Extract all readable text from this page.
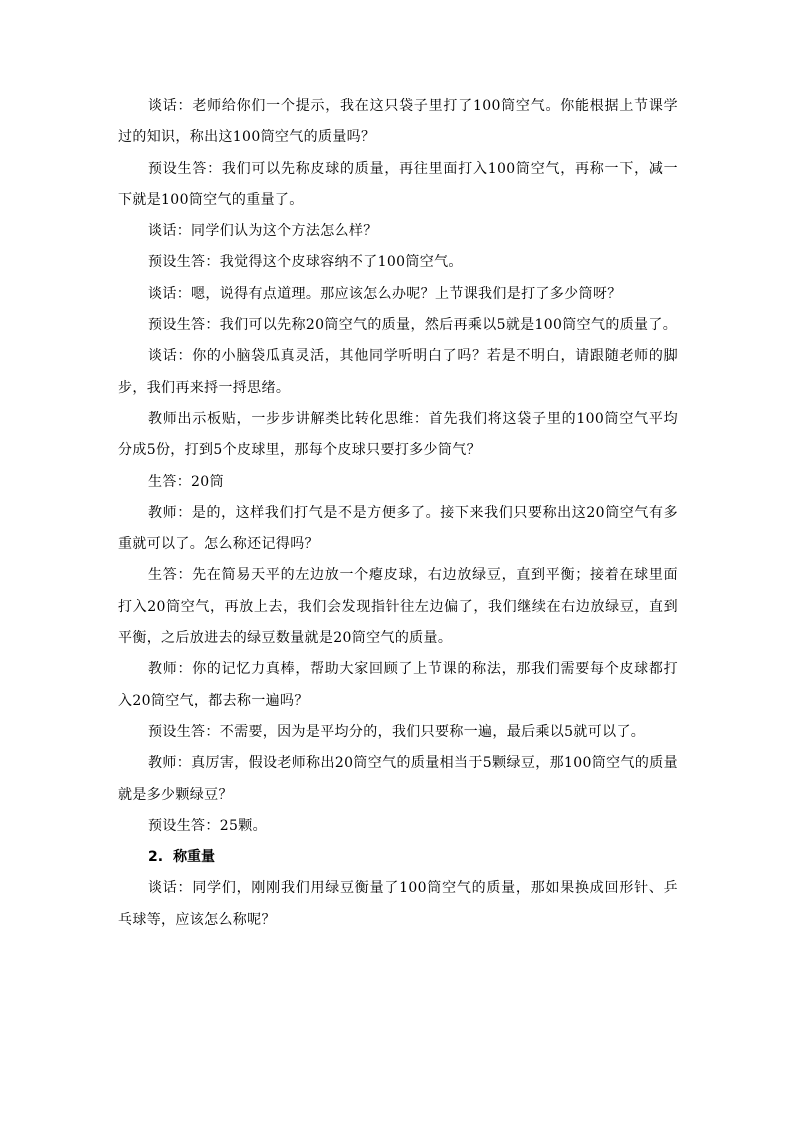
谈话：老师给你们一个提示，我在这只袋子里打了100筒空气。你能根据上节课学过的知识，称出这100筒空气的质量吗？

预设生答：我们可以先称皮球的质量，再往里面打入100筒空气，再称一下，减一下就是100筒空气的重量了。

谈话：同学们认为这个方法怎么样？

预设生答：我觉得这个皮球容纳不了100筒空气。

谈话：嗯，说得有点道理。那应该怎么办呢？上节课我们是打了多少筒呀？

预设生答：我们可以先称20筒空气的质量，然后再乘以5就是100筒空气的质量了。

谈话：你的小脑袋瓜真灵活，其他同学听明白了吗？若是不明白，请跟随老师的脚步，我们再来捋一捋思绪。

教师出示板贴，一步步讲解类比转化思维：首先我们将这袋子里的100筒空气平均分成5份，打到5个皮球里，那每个皮球只要打多少筒气？

生答：20筒

教师：是的，这样我们打气是不是方便多了。接下来我们只要称出这20筒空气有多重就可以了。怎么称还记得吗？

生答：先在简易天平的左边放一个瘪皮球，右边放绿豆，直到平衡；接着在球里面打入20筒空气，再放上去，我们会发现指针往左边偏了，我们继续在右边放绿豆，直到平衡，之后放进去的绿豆数量就是20筒空气的质量。

教师：你的记忆力真棒，帮助大家回顾了上节课的称法，那我们需要每个皮球都打入20筒空气，都去称一遍吗？

预设生答：不需要，因为是平均分的，我们只要称一遍，最后乘以5就可以了。

教师：真厉害，假设老师称出20筒空气的质量相当于5颗绿豆，那100筒空气的质量就是多少颗绿豆？

预设生答：25颗。

2. 称重量

谈话：同学们，刚刚我们用绿豆衡量了100筒空气的质量，那如果换成回形针、乒乓球等，应该怎么称呢？
